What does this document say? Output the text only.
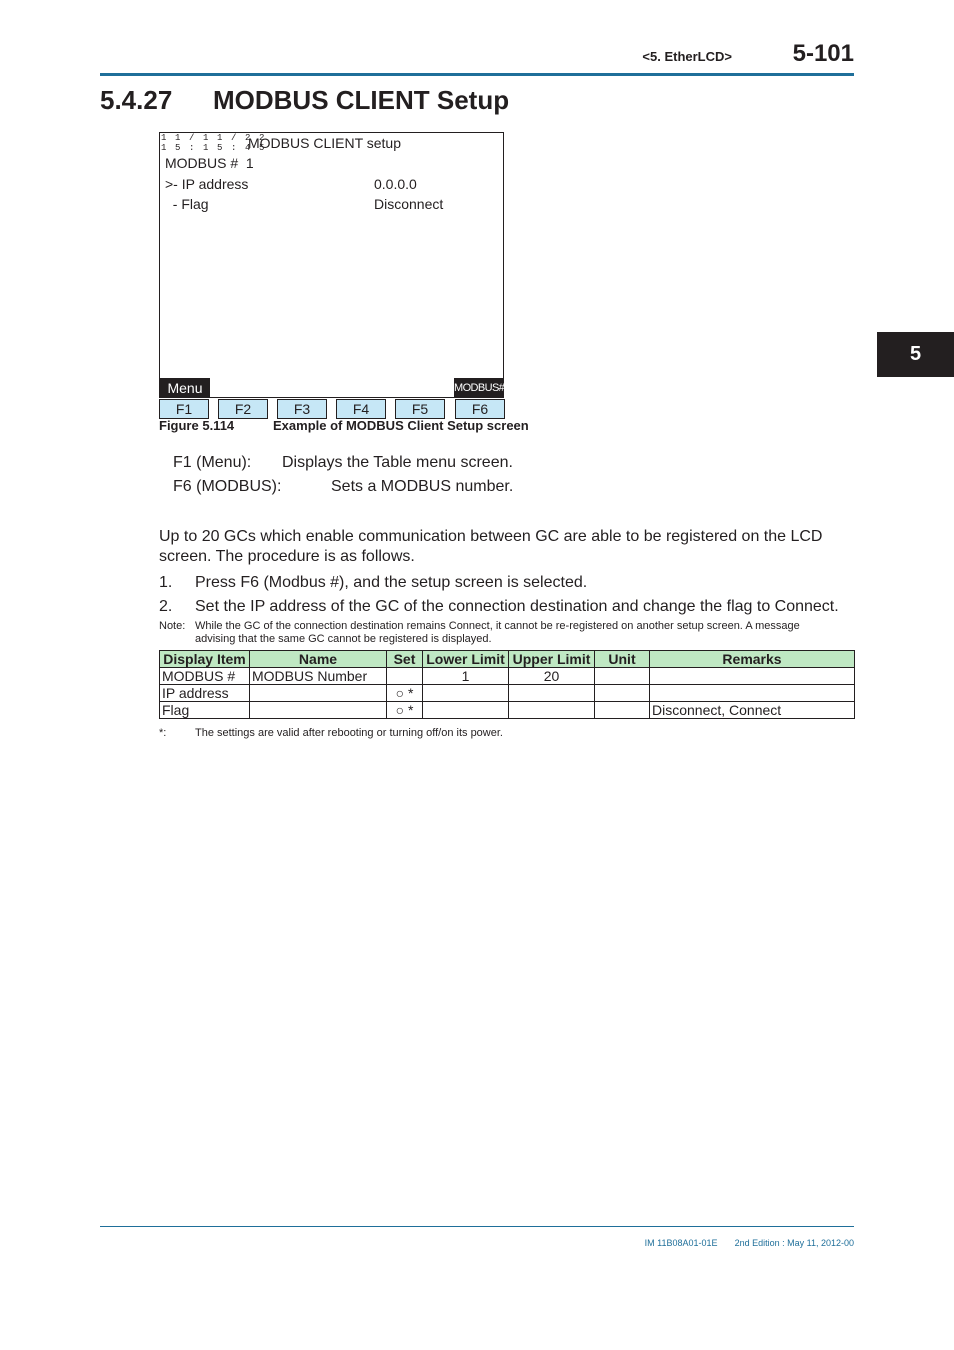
<5. EtherLCD>	5-101
5.4.27 MODBUS CLIENT Setup
1 1 / 1 1 / 2 2
1 5 : 1 5 : 4 5
MODBUS CLIENT setup
MODBUS #  1
>- IP address	0.0.0.0
- Flag	Disconnect
Menu	MODBUS#
F1	F2	F3	F4	F5	F6
Figure 5.114	Example of MODBUS Client Setup screen
F1 (Menu): Displays the Table menu screen.
F6 (MODBUS):	Sets a MODBUS number.
Up to 20 GCs which enable communication between GC are able to be registered on the LCD
screen. The procedure is as follows.
1. Press F6 (Modbus #), and the setup screen is selected.
2. Set the IP address of the GC of the connection destination and change the flag to Connect.
Note: While the GC of the connection destination remains Connect, it cannot be re-registered on another setup screen. A message
advising that the same GC cannot be registered is displayed.
Display Item	Name	Set	Lower Limit	Upper Limit	Unit	Remarks
MODBUS #	MODBUS Number		1	20		
IP address		○ *				
Flag		○ *				Disconnect, Connect
*:	The settings are valid after rebooting or turning off/on its power.
5
IM 11B08A01-01E 2nd Edition : May 11, 2012-00
